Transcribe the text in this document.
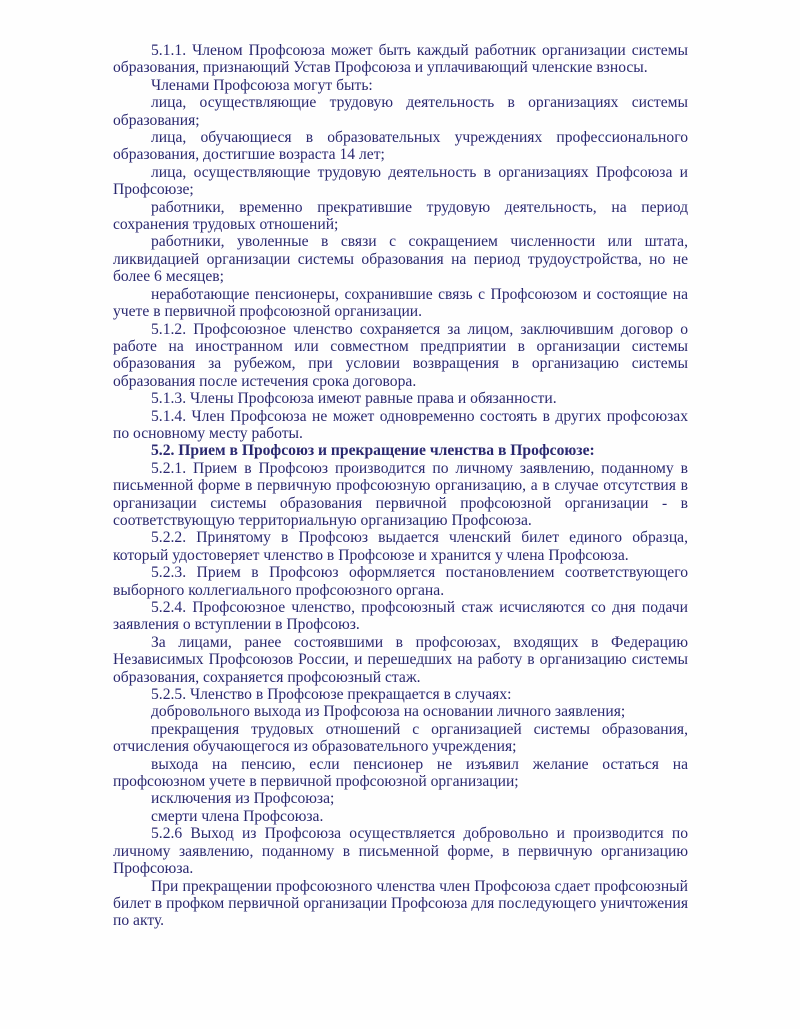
5.1.1. Членом Профсоюза может быть каждый работник организации системы образования, признающий Устав Профсоюза и уплачивающий членские взносы.

Членами Профсоюза могут быть:

лица, осуществляющие трудовую деятельность в организациях системы образования;

лица, обучающиеся в образовательных учреждениях профессионального образования, достигшие возраста 14 лет;

лица, осуществляющие трудовую деятельность в организациях Профсоюза и Профсоюзе;

работники, временно прекратившие трудовую деятельность, на период сохранения трудовых отношений;

работники, уволенные в связи с сокращением численности или штата, ликвидацией организации системы образования на период трудоустройства, но не более 6 месяцев;

неработающие пенсионеры, сохранившие связь с Профсоюзом и состоящие на учете в первичной профсоюзной организации.

5.1.2. Профсоюзное членство сохраняется за лицом, заключившим договор о работе на иностранном или совместном предприятии в организации системы образования за рубежом, при условии возвращения в организацию системы образования после истечения срока договора.

5.1.3. Члены Профсоюза имеют равные права и обязанности.

5.1.4. Член Профсоюза не может одновременно состоять в других профсоюзах по основному месту работы.

5.2. Прием в Профсоюз и прекращение членства в Профсоюзе:

5.2.1. Прием в Профсоюз производится по личному заявлению, поданному в письменной форме в первичную профсоюзную организацию, а в случае отсутствия в организации системы образования первичной профсоюзной организации - в соответствующую территориальную организацию Профсоюза.

5.2.2. Принятому в Профсоюз выдается членский билет единого образца, который удостоверяет членство в Профсоюзе и хранится у члена Профсоюза.

5.2.3. Прием в Профсоюз оформляется постановлением соответствующего выборного коллегиального профсоюзного органа.

5.2.4. Профсоюзное членство, профсоюзный стаж исчисляются со дня подачи заявления о вступлении в Профсоюз.

За лицами, ранее состоявшими в профсоюзах, входящих в Федерацию Независимых Профсоюзов России, и перешедших на работу в организацию системы образования, сохраняется профсоюзный стаж.

5.2.5. Членство в Профсоюзе прекращается в случаях:

добровольного выхода из Профсоюза на основании личного заявления;

прекращения трудовых отношений с организацией системы образования, отчисления обучающегося из образовательного учреждения;

выхода на пенсию, если пенсионер не изъявил желание остаться на профсоюзном учете в первичной профсоюзной организации;

исключения из Профсоюза;

смерти члена Профсоюза.

5.2.6 Выход из Профсоюза осуществляется добровольно и производится по личному заявлению, поданному в письменной форме, в первичную организацию Профсоюза.

При прекращении профсоюзного членства член Профсоюза сдает профсоюзный билет в профком первичной организации Профсоюза для последующего уничтожения по акту.
